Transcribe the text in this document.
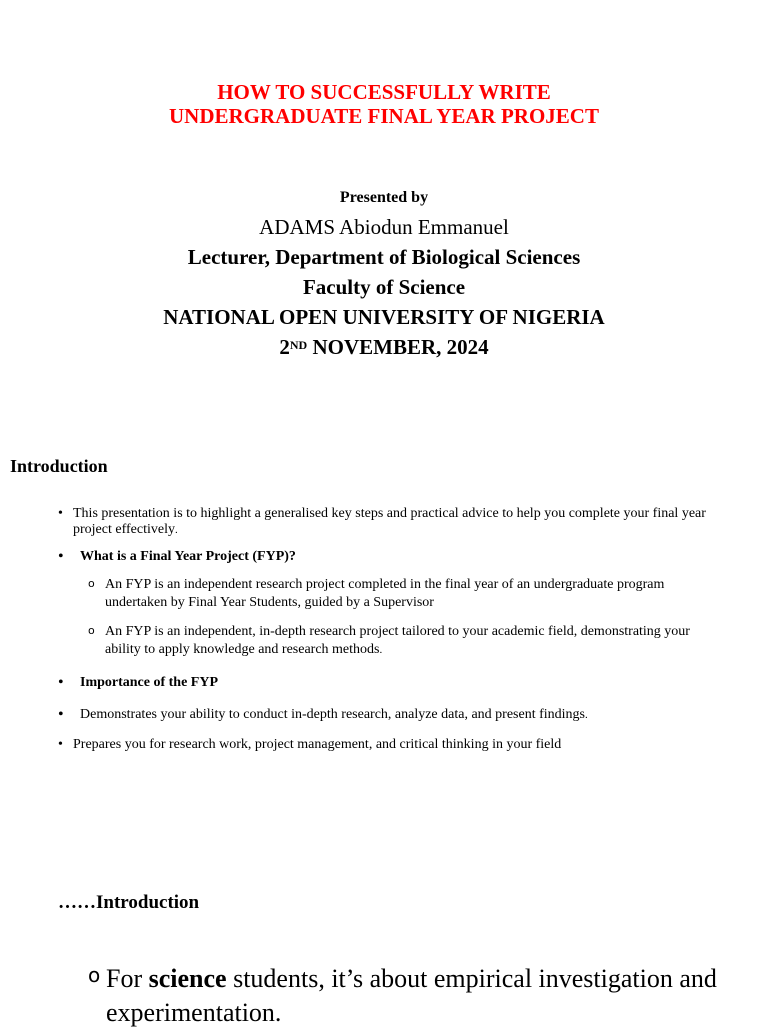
HOW TO SUCCESSFULLY WRITE
UNDERGRADUATE FINAL YEAR PROJECT
Presented by
ADAMS Abiodun Emmanuel
Lecturer, Department of Biological Sciences
Faculty of Science
NATIONAL OPEN UNIVERSITY OF NIGERIA
2ND NOVEMBER, 2024
Introduction
• This presentation is to highlight a generalised key steps and practical advice to help you complete your final year project effectively.
• What is a Final Year Project (FYP)?
o An FYP is an independent research project completed in the final year of an undergraduate program undertaken by Final Year Students, guided by a Supervisor
o An FYP is an independent, in-depth research project tailored to your academic field, demonstrating your ability to apply knowledge and research methods.
• Importance of the FYP
• Demonstrates your ability to conduct in-depth research, analyze data, and present findings.
• Prepares you for research work, project management, and critical thinking in your field
……Introduction
o For science students, it’s about empirical investigation and experimentation.
